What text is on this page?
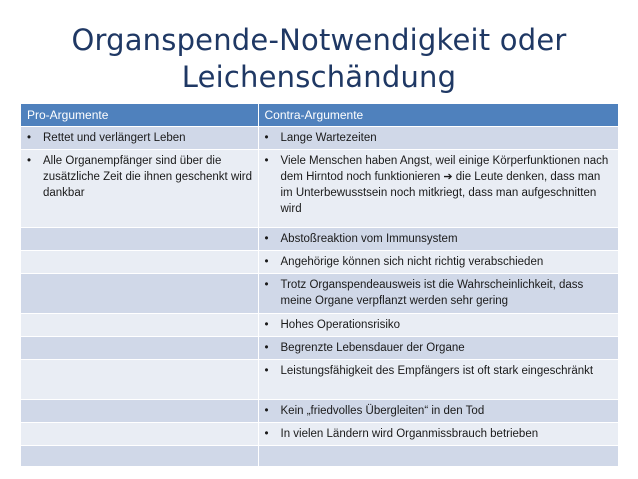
Organspende-Notwendigkeit oder
Leichenschändung
Pro-Argumente	Contra-Argumente

• Rettet und verlängert Leben	• Lange Wartezeiten

• Alle Organempfänger sind über die zusätzliche Zeit die ihnen geschenkt wird dankbar	• Viele Menschen haben Angst, weil einige Körperfunktionen nach dem Hirntod noch funktionieren ➔ die Leute denken, dass man im Unterbewusstsein noch mitkriegt, dass man aufgeschnitten wird

	• Abstoßreaktion vom Immunsystem

	• Angehörige können sich nicht richtig verabschieden

	• Trotz Organspendeausweis ist die Wahrscheinlichkeit, dass meine Organe verpflanzt werden sehr gering

	• Hohes Operationsrisiko

	• Begrenzte Lebensdauer der Organe

	• Leistungsfähigkeit des Empfängers ist oft stark eingeschränkt

	• Kein „friedvolles Übergleiten“ in den Tod

	• In vielen Ländern wird Organmissbrauch betrieben
